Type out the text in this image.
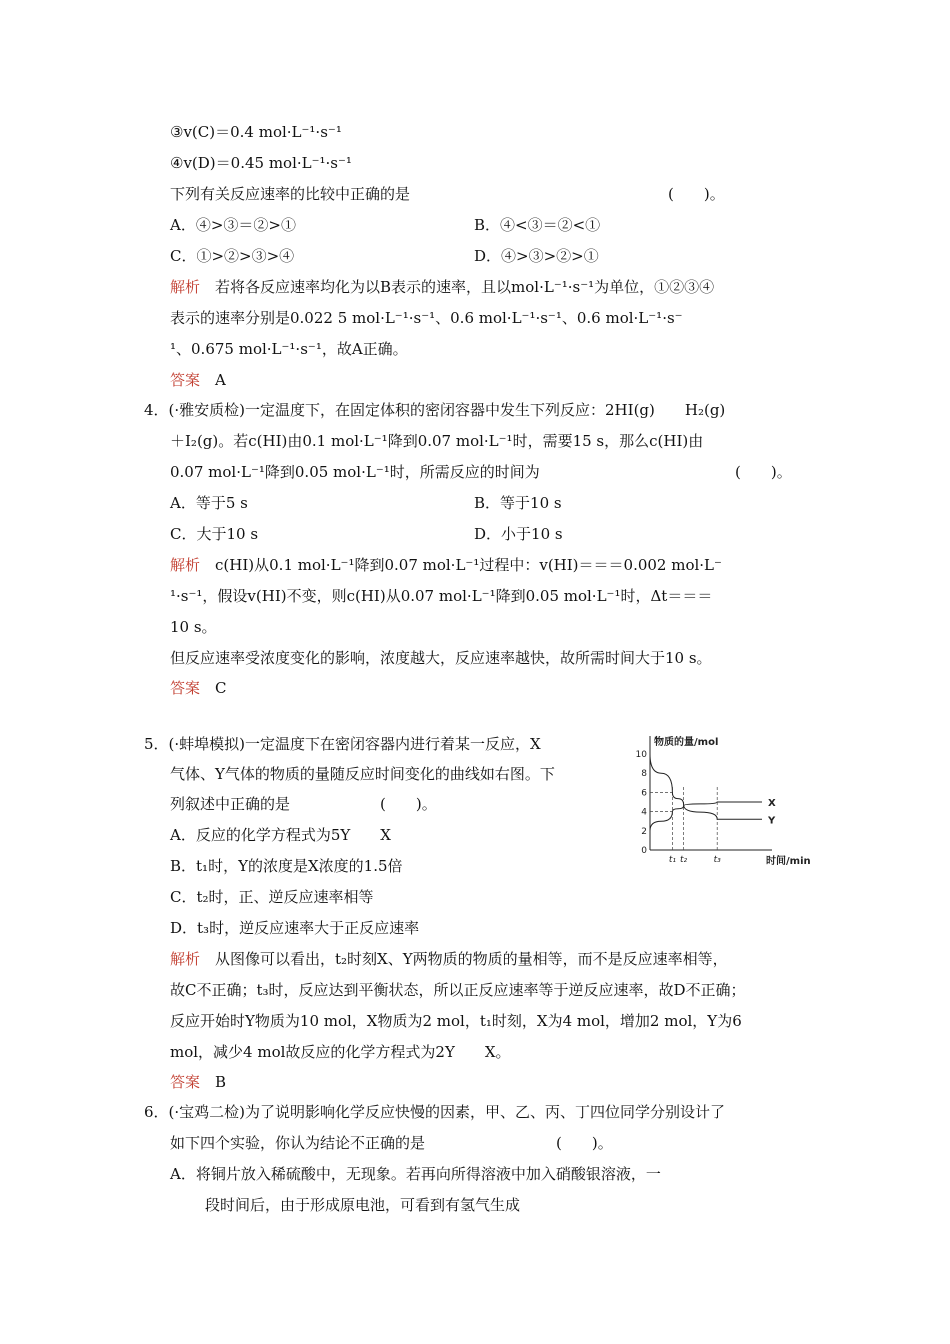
③v(C)＝0.4 mol·L⁻¹·s⁻¹
④v(D)＝0.45 mol·L⁻¹·s⁻¹
下列有关反应速率的比较中正确的是	(　　)。
A．④>③＝②>①	B．④<③＝②<①
C．①>②>③>④	D．④>③>②>①
解析　若将各反应速率均化为以B表示的速率，且以mol·L⁻¹·s⁻¹为单位，①②③④
表示的速率分别是0.022 5 mol·L⁻¹·s⁻¹、0.6 mol·L⁻¹·s⁻¹、0.6 mol·L⁻¹·s⁻
¹、0.675 mol·L⁻¹·s⁻¹，故A正确。
答案　A
4．(·雅安质检)一定温度下，在固定体积的密闭容器中发生下列反应：2HI(g)　　H₂(g)
＋I₂(g)。若c(HI)由0.1 mol·L⁻¹降到0.07 mol·L⁻¹时，需要15 s，那么c(HI)由
0.07 mol·L⁻¹降到0.05 mol·L⁻¹时，所需反应的时间为	(　　)。
A．等于5 s	B．等于10 s
C．大于10 s	D．小于10 s
解析　c(HI)从0.1 mol·L⁻¹降到0.07 mol·L⁻¹过程中：v(HI)＝＝＝0.002 mol·L⁻
¹·s⁻¹，假设v(HI)不变，则c(HI)从0.07 mol·L⁻¹降到0.05 mol·L⁻¹时，Δt＝＝＝
10 s。
但反应速率受浓度变化的影响，浓度越大，反应速率越快，故所需时间大于10 s。
答案　C
5．(·蚌埠模拟)一定温度下在密闭容器内进行着某一反应，X
气体、Y气体的物质的量随反应时间变化的曲线如右图。下
列叙述中正确的是	(　　)。
A．反应的化学方程式为5Y　　X
B．t₁时，Y的浓度是X浓度的1.5倍
C．t₂时，正、逆反应速率相等
D．t₃时，逆反应速率大于正反应速率
解析　从图像可以看出，t₂时刻X、Y两物质的物质的量相等，而不是反应速率相等，
故C不正确；t₃时，反应达到平衡状态，所以正反应速率等于逆反应速率，故D不正确；
反应开始时Y物质为10 mol，X物质为2 mol，t₁时刻，X为4 mol，增加2 mol，Y为6
mol，减少4 mol故反应的化学方程式为2Y　　X。
答案　B
6．(·宝鸡二检)为了说明影响化学反应快慢的因素，甲、乙、丙、丁四位同学分别设计了
如下四个实验，你认为结论不正确的是	(　　)。
A．将铜片放入稀硫酸中，无现象。若再向所得溶液中加入硝酸银溶液，一
段时间后，由于形成原电池，可看到有氢气生成
0
2
4
6
8
10
t₁ t₂	t₃
X
Y
物质的量/mol
时间/min
